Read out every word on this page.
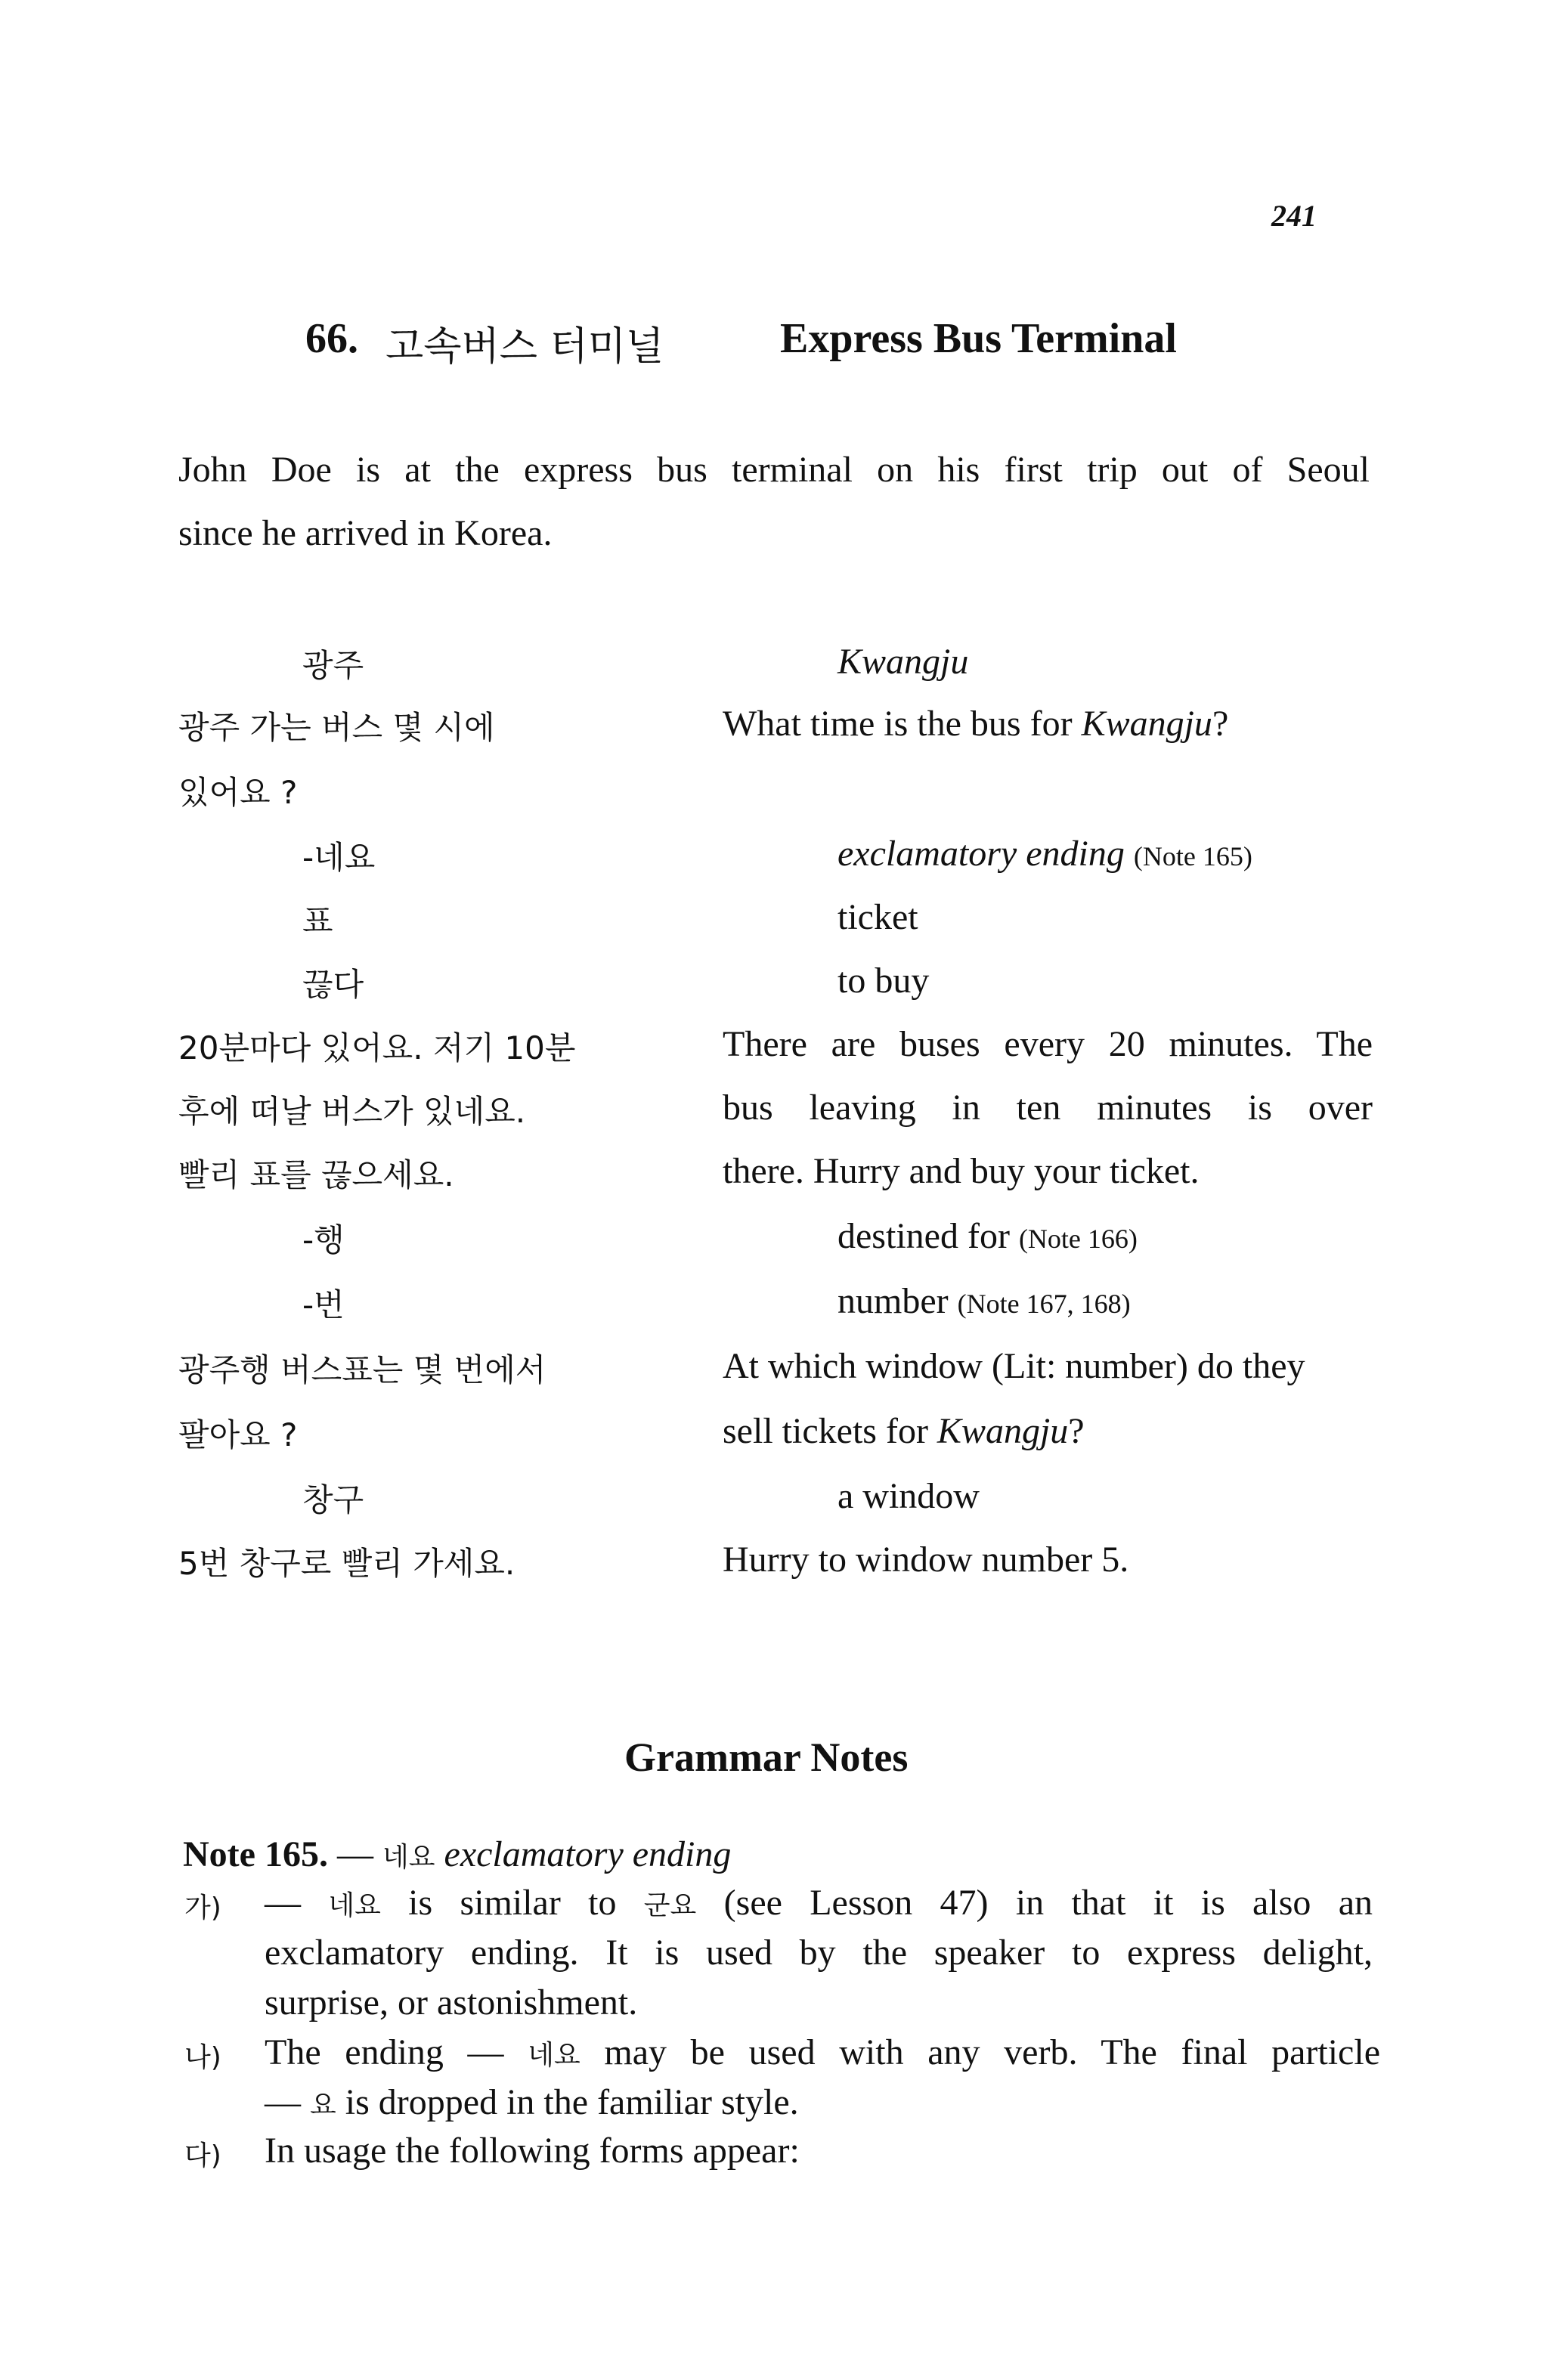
241
66. 고속버스 터미널	Express Bus Terminal
John Doe is at the express bus terminal on his first trip out of Seoul
since he arrived in Korea.
광주	Kwangju
광주 가는 버스 몇 시에	What time is the bus for Kwangju?
있어요 ?
-네요	exclamatory ending (Note 165)
표	ticket
끊다	to buy
20분마다 있어요. 저기 10분	There are buses every 20 minutes. The
후에 떠날 버스가 있네요.	bus leaving in ten minutes is over
빨리 표를 끊으세요.	there. Hurry and buy your ticket.
-행	destined for (Note 166)
-번	number (Note 167, 168)
광주행 버스표는 몇 번에서	At which window (Lit: number) do they
팔아요 ?	sell tickets for Kwangju?
창구	a window
5번 창구로 빨리 가세요.	Hurry to window number 5.
Grammar Notes
Note 165. — 네요 exclamatory ending
가) — 네요 is similar to 군요 (see Lesson 47) in that it is also an
exclamatory ending. It is used by the speaker to express delight,
surprise, or astonishment.
나) The ending — 네요 may be used with any verb. The final particle
— 요 is dropped in the familiar style.
다) In usage the following forms appear:
